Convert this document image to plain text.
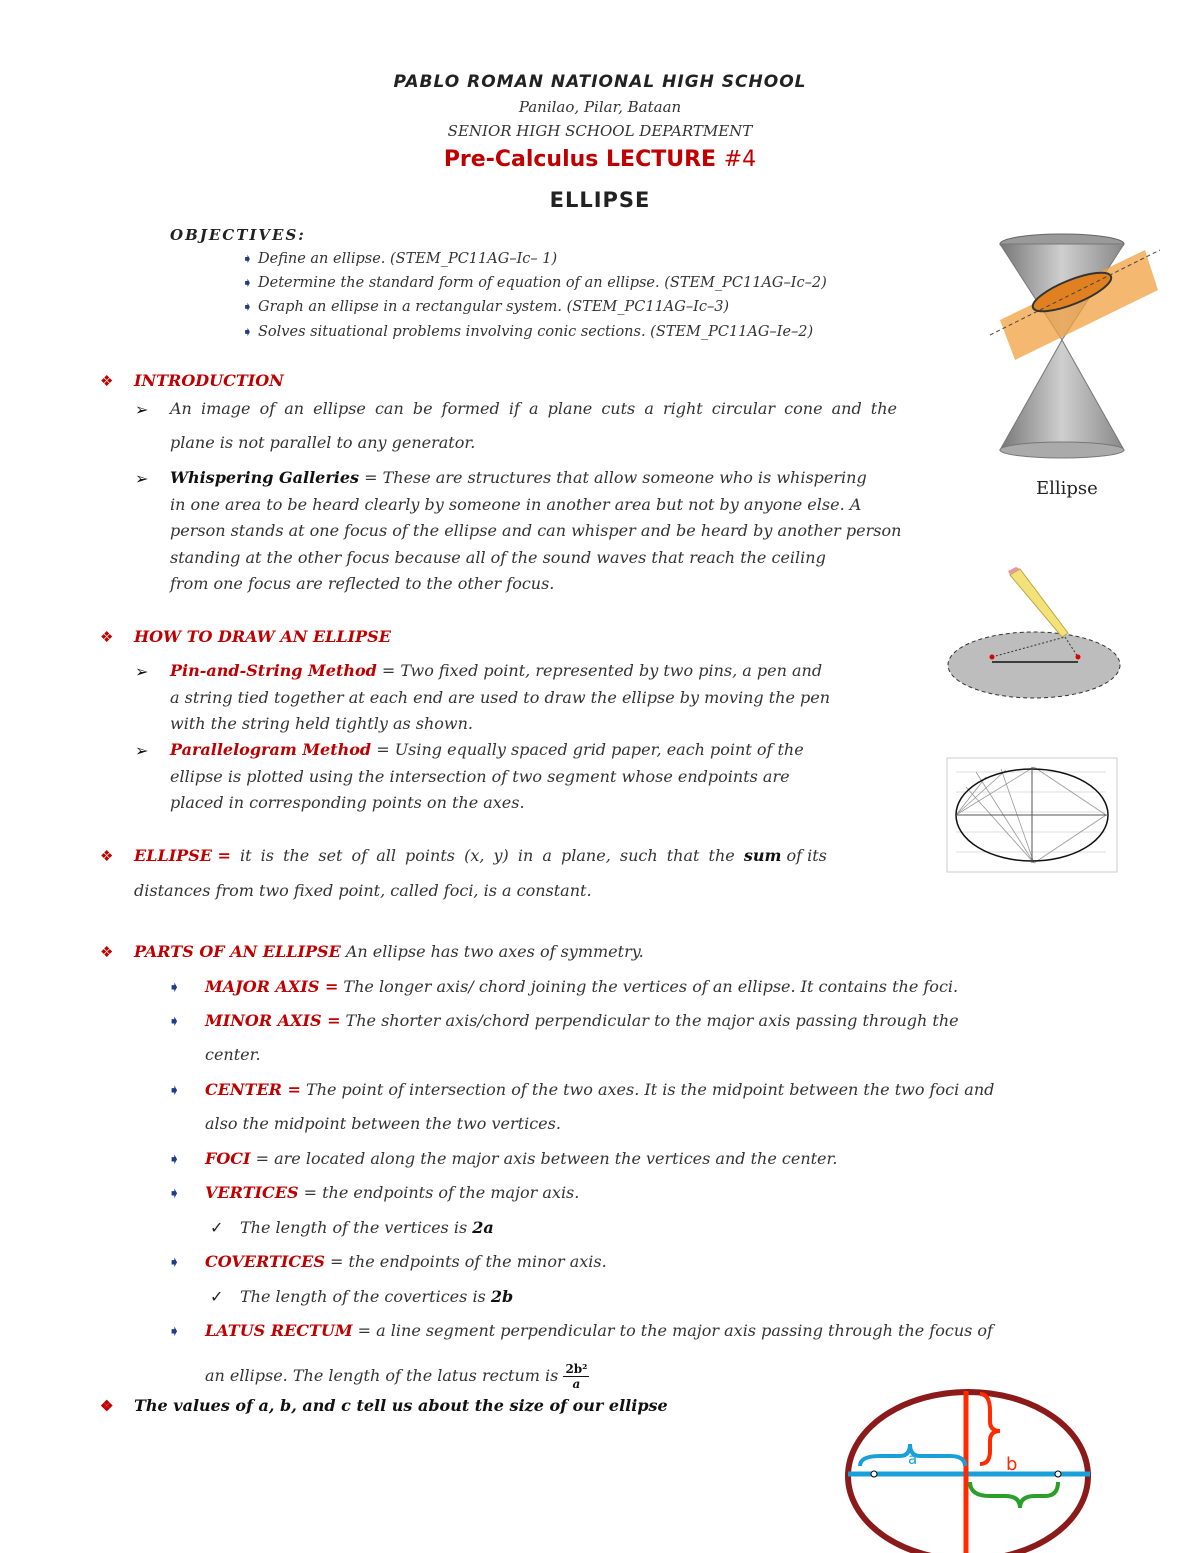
PABLO ROMAN NATIONAL HIGH SCHOOL
Panilao, Pilar, Bataan
SENIOR HIGH SCHOOL DEPARTMENT
Pre-Calculus LECTURE #4
ELLIPSE
OBJECTIVES:
➧ Define an ellipse. (STEM_PC11AG–Ic– 1)
➧ Determine the standard form of equation of an ellipse. (STEM_PC11AG–Ic–2)
➧ Graph an ellipse in a rectangular system. (STEM_PC11AG–Ic–3)
➧ Solves situational problems involving conic sections. (STEM_PC11AG–Ie–2)
Ellipse
❖ INTRODUCTION
➢ An image of an ellipse can be formed if a plane cuts a right circular cone and the
plane is not parallel to any generator.
➢ Whispering Galleries = These are structures that allow someone who is whispering
in one area to be heard clearly by someone in another area but not by anyone else. A
person stands at one focus of the ellipse and can whisper and be heard by another person
standing at the other focus because all of the sound waves that reach the ceiling
from one focus are reflected to the other focus.
❖ HOW TO DRAW AN ELLIPSE
➢ Pin-and-String Method = Two fixed point, represented by two pins, a pen and
a string tied together at each end are used to draw the ellipse by moving the pen
with the string held tightly as shown.
➢ Parallelogram Method = Using equally spaced grid paper, each point of the
ellipse is plotted using the intersection of two segment whose endpoints are
placed in corresponding points on the axes.
❖ ELLIPSE = it is the set of all points (x, y) in a plane, such that the sum of its
distances from two fixed point, called foci, is a constant.
❖ PARTS OF AN ELLIPSE An ellipse has two axes of symmetry.
➧ MAJOR AXIS = The longer axis/ chord joining the vertices of an ellipse. It contains the foci.
➧ MINOR AXIS = The shorter axis/chord perpendicular to the major axis passing through the
center.
➧ CENTER = The point of intersection of the two axes. It is the midpoint between the two foci and
also the midpoint between the two vertices.
➧ FOCI = are located along the major axis between the vertices and the center.
➧ VERTICES = the endpoints of the major axis.
✓ The length of the vertices is 2a
➧ COVERTICES = the endpoints of the minor axis.
✓ The length of the covertices is 2b
➧ LATUS RECTUM = a line segment perpendicular to the major axis passing through the focus of
an ellipse. The length of the latus rectum is $\frac{\text{2b²}}{a}$
❖ The values of a, b, and c tell us about the size of our ellipse
a	b
